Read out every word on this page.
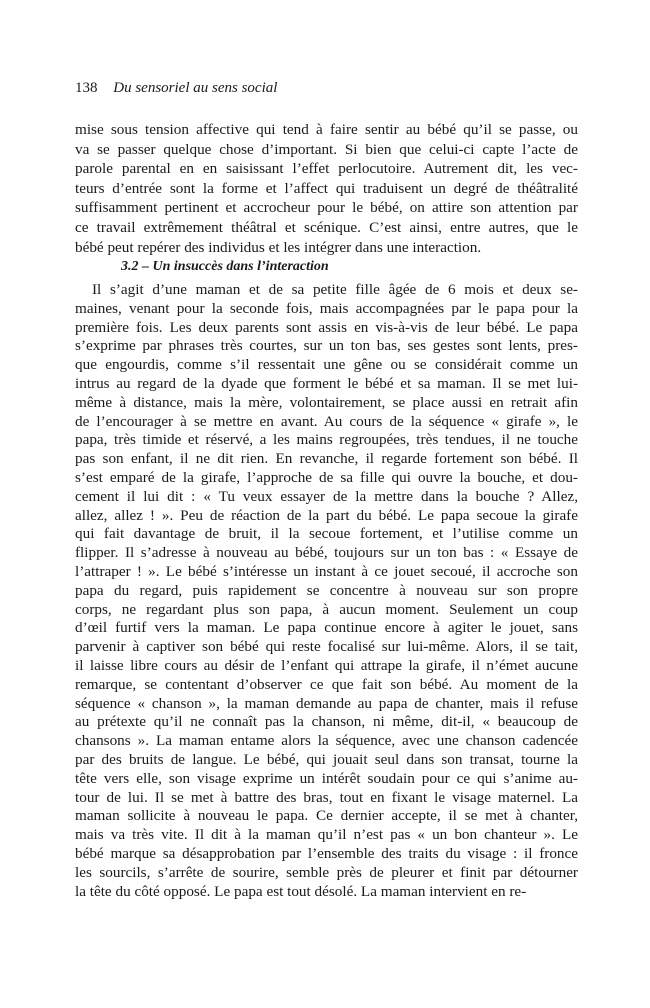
138 Du sensoriel au sens social
mise sous tension affective qui tend à faire sentir au bébé qu’il se passe, ou
va se passer quelque chose d’important. Si bien que celui-ci capte l’acte de
parole parental en en saisissant l’effet perlocutoire. Autrement dit, les vec-
teurs d’entrée sont la forme et l’affect qui traduisent un degré de théâtralité
suffisamment pertinent et accrocheur pour le bébé, on attire son attention par
ce travail extrêmement théâtral et scénique. C’est ainsi, entre autres, que le
bébé peut repérer des individus et les intégrer dans une interaction.
3.2 – Un insuccès dans l’interaction
Il s’agit d’une maman et de sa petite fille âgée de 6 mois et deux se-
maines, venant pour la seconde fois, mais accompagnées par le papa pour la
première fois. Les deux parents sont assis en vis-à-vis de leur bébé. Le papa
s’exprime par phrases très courtes, sur un ton bas, ses gestes sont lents, pres-
que engourdis, comme s’il ressentait une gêne ou se considérait comme un
intrus au regard de la dyade que forment le bébé et sa maman. Il se met lui-
même à distance, mais la mère, volontairement, se place aussi en retrait afin
de l’encourager à se mettre en avant. Au cours de la séquence « girafe », le
papa, très timide et réservé, a les mains regroupées, très tendues, il ne touche
pas son enfant, il ne dit rien. En revanche, il regarde fortement son bébé. Il
s’est emparé de la girafe, l’approche de sa fille qui ouvre la bouche, et dou-
cement il lui dit : « Tu veux essayer de la mettre dans la bouche ? Allez,
allez, allez ! ». Peu de réaction de la part du bébé. Le papa secoue la girafe
qui fait davantage de bruit, il la secoue fortement, et l’utilise comme un
flipper. Il s’adresse à nouveau au bébé, toujours sur un ton bas : « Essaye de
l’attraper ! ». Le bébé s’intéresse un instant à ce jouet secoué, il accroche son
papa du regard, puis rapidement se concentre à nouveau sur son propre
corps, ne regardant plus son papa, à aucun moment. Seulement un coup
d’œil furtif vers la maman. Le papa continue encore à agiter le jouet, sans
parvenir à captiver son bébé qui reste focalisé sur lui-même. Alors, il se tait,
il laisse libre cours au désir de l’enfant qui attrape la girafe, il n’émet aucune
remarque, se contentant d’observer ce que fait son bébé. Au moment de la
séquence « chanson », la maman demande au papa de chanter, mais il refuse
au prétexte qu’il ne connaît pas la chanson, ni même, dit-il, « beaucoup de
chansons ». La maman entame alors la séquence, avec une chanson cadencée
par des bruits de langue. Le bébé, qui jouait seul dans son transat, tourne la
tête vers elle, son visage exprime un intérêt soudain pour ce qui s’anime au-
tour de lui. Il se met à battre des bras, tout en fixant le visage maternel. La
maman sollicite à nouveau le papa. Ce dernier accepte, il se met à chanter,
mais va très vite. Il dit à la maman qu’il n’est pas « un bon chanteur ». Le
bébé marque sa désapprobation par l’ensemble des traits du visage : il fronce
les sourcils, s’arrête de sourire, semble près de pleurer et finit par détourner
la tête du côté opposé. Le papa est tout désolé. La maman intervient en re-
